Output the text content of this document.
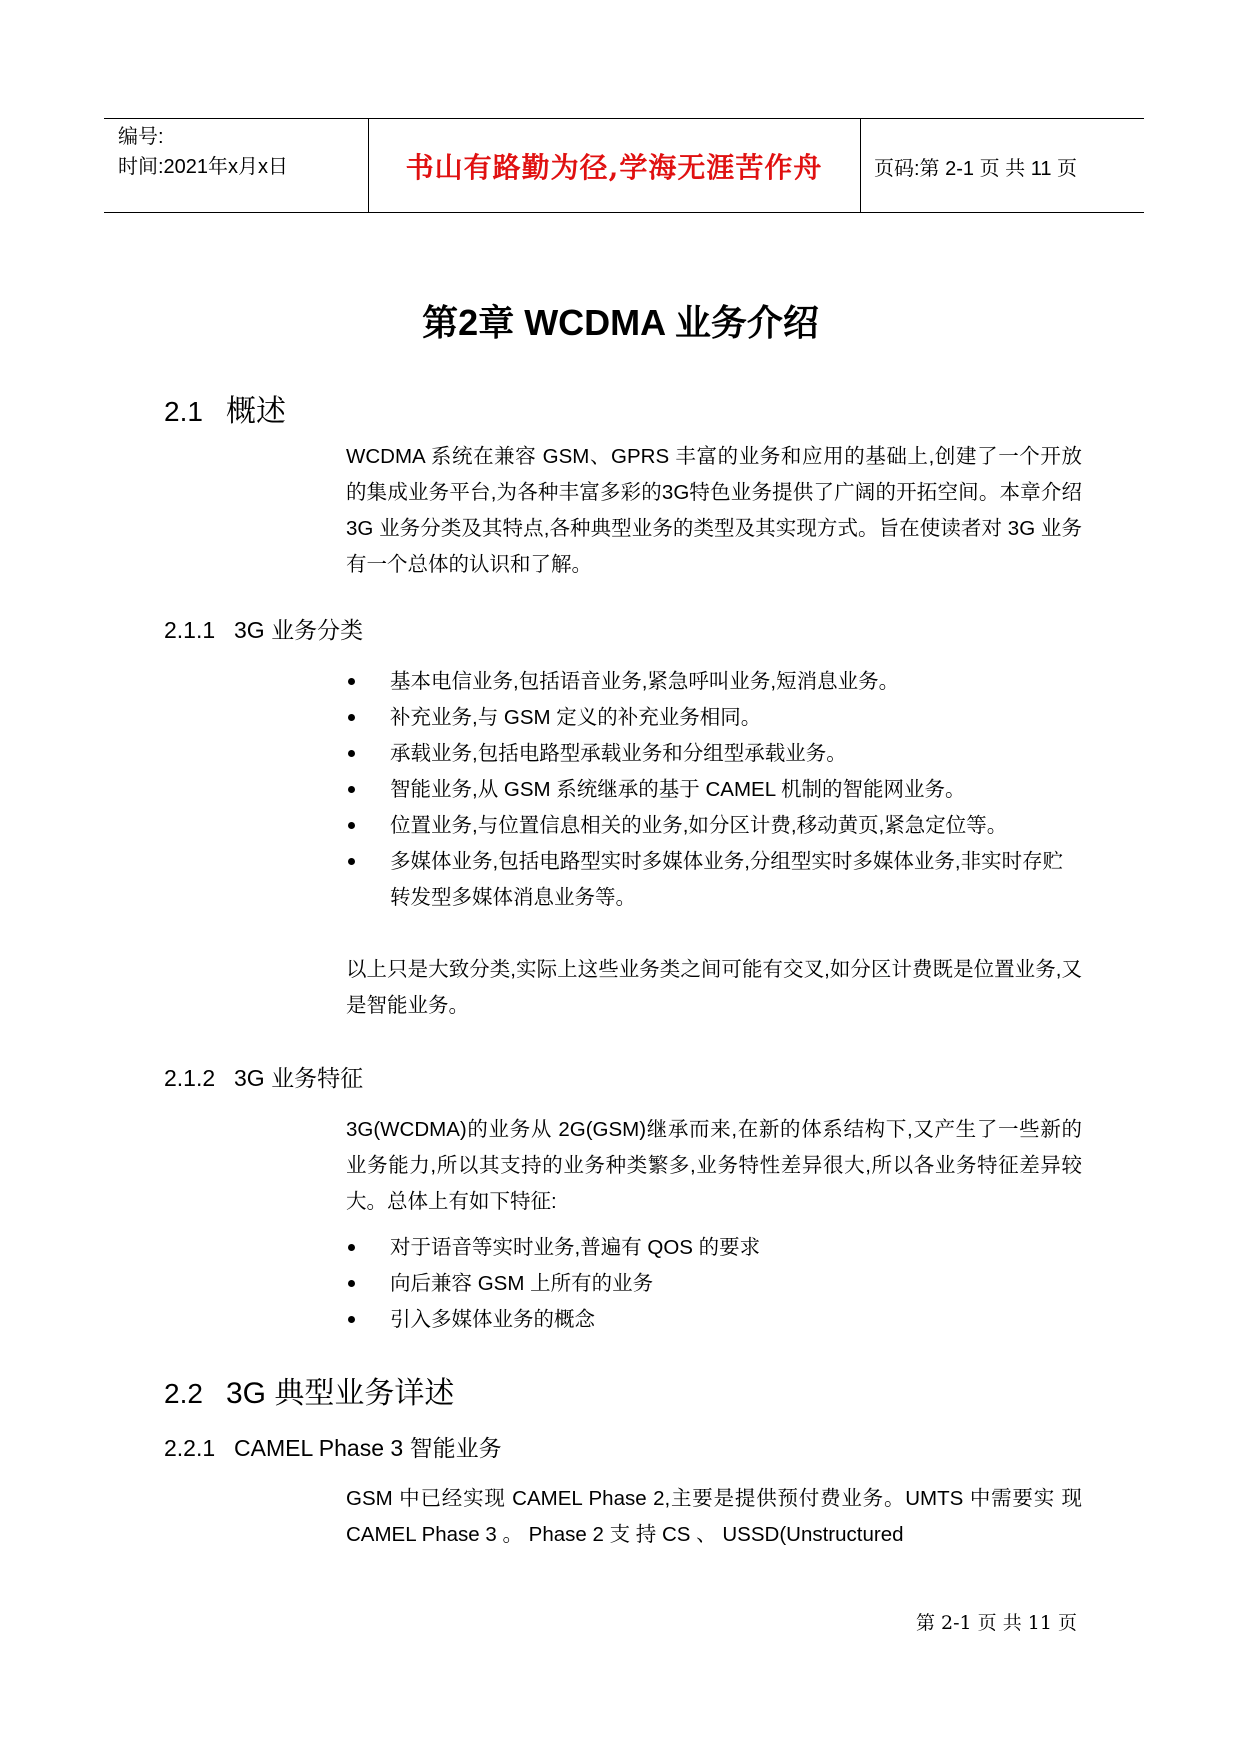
编号:
时间:2021年x月x日	书山有路勤为径,学海无涯苦作舟	页码:第 2-1 页 共 11 页
第2章 WCDMA 业务介绍
2.1 概述
WCDMA 系统在兼容 GSM、GPRS 丰富的业务和应用的基础上,创建了一个开放的集成业务平台,为各种丰富多彩的3G特色业务提供了广阔的开拓空间。本章介绍 3G 业务分类及其特点,各种典型业务的类型及其实现方式。旨在使读者对 3G 业务有一个总体的认识和了解。
2.1.1 3G 业务分类
基本电信业务,包括语音业务,紧急呼叫业务,短消息业务。
补充业务,与 GSM 定义的补充业务相同。
承载业务,包括电路型承载业务和分组型承载业务。
智能业务,从 GSM 系统继承的基于 CAMEL 机制的智能网业务。
位置业务,与位置信息相关的业务,如分区计费,移动黄页,紧急定位等。
多媒体业务,包括电路型实时多媒体业务,分组型实时多媒体业务,非实时存贮转发型多媒体消息业务等。
以上只是大致分类,实际上这些业务类之间可能有交叉,如分区计费既是位置业务,又是智能业务。
2.1.2 3G 业务特征
3G(WCDMA)的业务从 2G(GSM)继承而来,在新的体系结构下,又产生了一些新的业务能力,所以其支持的业务种类繁多,业务特性差异很大,所以各业务特征差异较大。总体上有如下特征:
对于语音等实时业务,普遍有 QOS 的要求
向后兼容 GSM 上所有的业务
引入多媒体业务的概念
2.2 3G 典型业务详述
2.2.1 CAMEL Phase 3 智能业务
GSM 中已经实现 CAMEL Phase 2,主要是提供预付费业务。UMTS 中需要实 现 CAMEL Phase 3 。 Phase 2 支 持 CS 、 USSD(Unstructured
第 2-1 页 共 11 页
